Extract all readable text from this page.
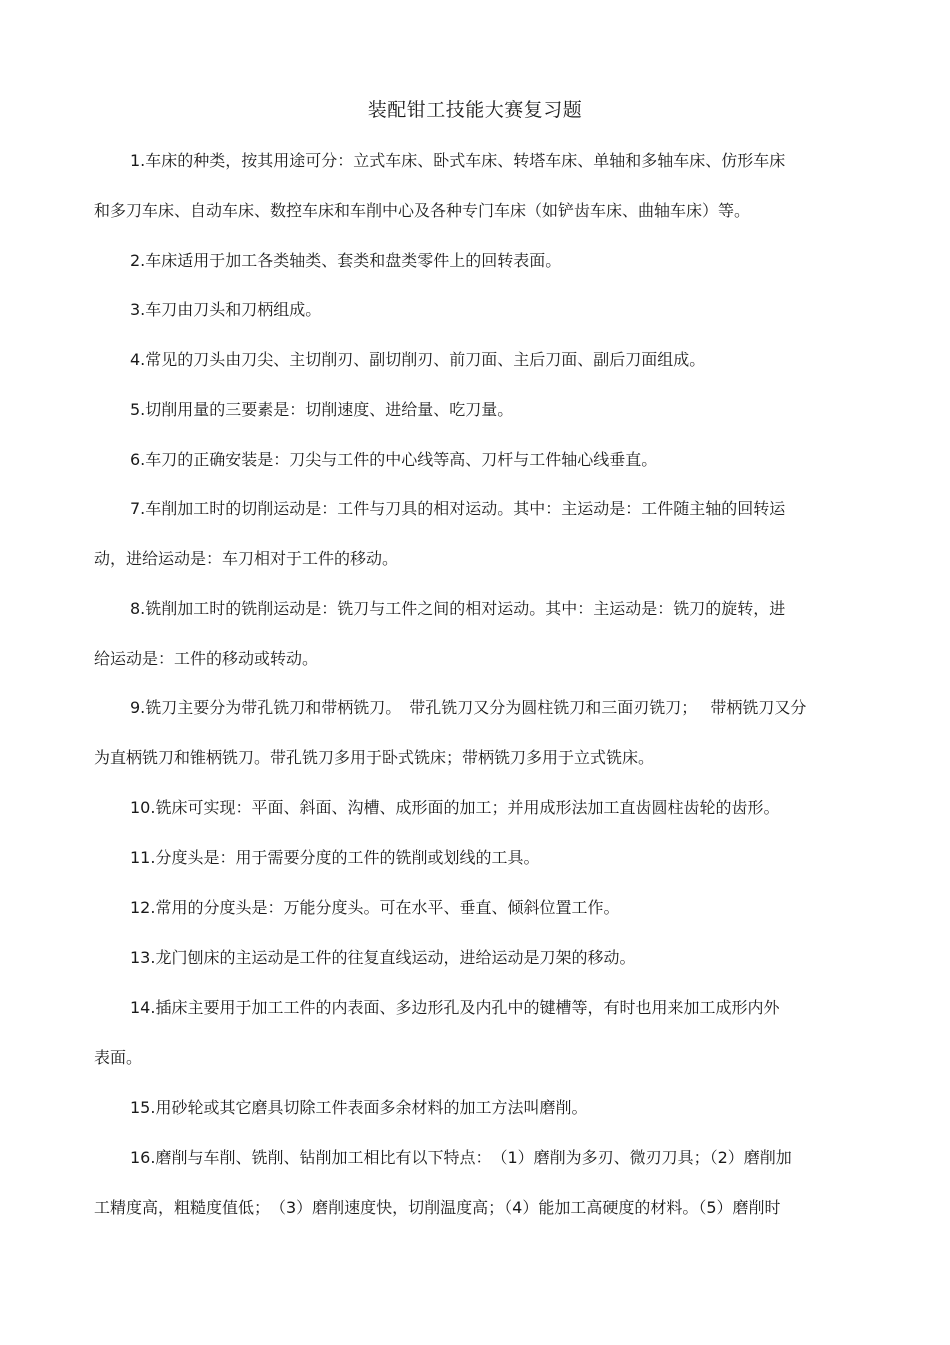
装配钳工技能大赛复习题
1.车床的种类，按其用途可分：立式车床、卧式车床、转塔车床、单轴和多轴车床、仿形车床
和多刀车床、自动车床、数控车床和车削中心及各种专门车床（如铲齿车床、曲轴车床）等。
2.车床适用于加工各类轴类、套类和盘类零件上的回转表面。
3.车刀由刀头和刀柄组成。
4.常见的刀头由刀尖、主切削刃、副切削刃、前刀面、主后刀面、副后刀面组成。
5.切削用量的三要素是：切削速度、进给量、吃刀量。
6.车刀的正确安装是：刀尖与工件的中心线等高、刀杆与工件轴心线垂直。
7.车削加工时的切削运动是：工件与刀具的相对运动。其中：主运动是：工件随主轴的回转运
动，进给运动是：车刀相对于工件的移动。
8.铣削加工时的铣削运动是：铣刀与工件之间的相对运动。其中：主运动是：铣刀的旋转，进
给运动是：工件的移动或转动。
9.铣刀主要分为带孔铣刀和带柄铣刀。　带孔铣刀又分为圆柱铣刀和三面刃铣刀；　 带柄铣刀又分
为直柄铣刀和锥柄铣刀。带孔铣刀多用于卧式铣床；带柄铣刀多用于立式铣床。
10.铣床可实现：平面、斜面、沟槽、成形面的加工；并用成形法加工直齿圆柱齿轮的齿形。
11.分度头是：用于需要分度的工件的铣削或划线的工具。
12.常用的分度头是：万能分度头。可在水平、垂直、倾斜位置工作。
13.龙门刨床的主运动是工件的往复直线运动，进给运动是刀架的移动。
14.插床主要用于加工工件的内表面、多边形孔及内孔中的键槽等，有时也用来加工成形内外
表面。
15.用砂轮或其它磨具切除工件表面多余材料的加工方法叫磨削。
16.磨削与车削、铣削、钻削加工相比有以下特点：　（1）磨削为多刃、微刃刀具；（2）磨削加
工精度高，粗糙度值低；　（3）磨削速度快，切削温度高；（4）能加工高硬度的材料。（5）磨削时
